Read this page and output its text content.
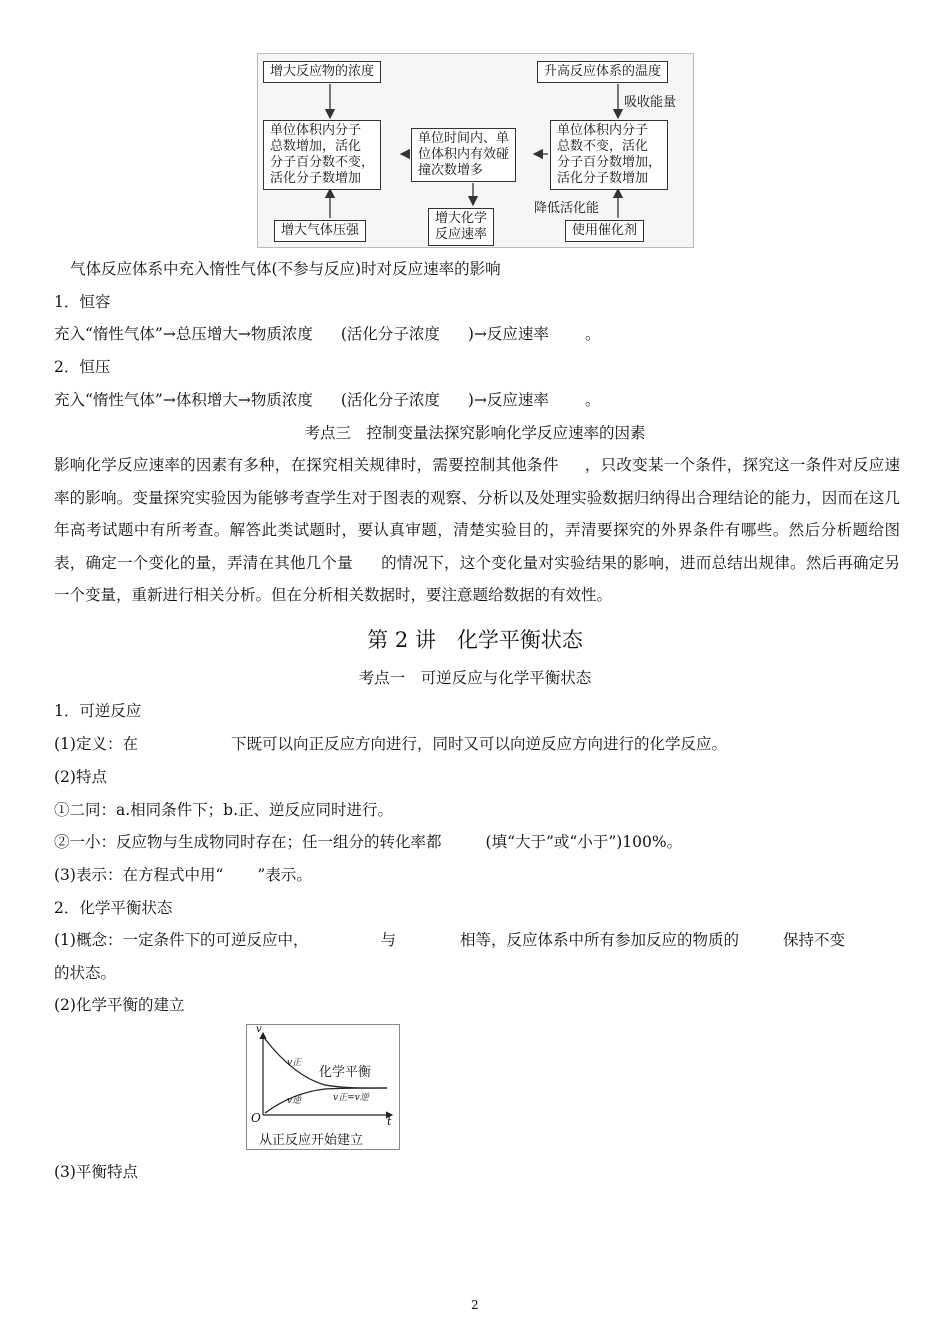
增大反应物的浓度	升高反应体系的温度
单位体积内分子
总数增加，活化
分子百分数不变，
活化分子数增加
单位时间内、单
位体积内有效碰
撞次数增多
单位体积内分子
总数不变，活化
分子百分数增加，
活化分子数增加
增大气体压强
增大化学
反应速率	使用催化剂
吸收能量
降低活化能
气体反应体系中充入惰性气体(不参与反应)时对反应速率的影响
1．恒容
充入“惰性气体”→总压增大→物质浓度 (活化分子浓度 )→反应速率 。
2．恒压
充入“惰性气体”→体积增大→物质浓度 (活化分子浓度 )→反应速率 。
考点三　控制变量法探究影响化学反应速率的因素
影响化学反应速率的因素有多种，在探究相关规律时，需要控制其他条件 ，只改变某一个条件，探究这一条件对反应速率的影响。变量探究实验因为能够考查学生对于图表的观察、分析以及处理实验数据归纳得出合理结论的能力，因而在这几年高考试题中有所考查。解答此类试题时，要认真审题，清楚实验目的，弄清要探究的外界条件有哪些。然后分析题给图表，确定一个变化的量，弄清在其他几个量 的情况下，这个变化量对实验结果的影响，进而总结出规律。然后再确定另一个变量，重新进行相关分析。但在分析相关数据时，要注意题给数据的有效性。
第 2 讲　化学平衡状态
考点一　可逆反应与化学平衡状态
1．可逆反应
(1)定义：在	下既可以向正反应方向进行，同时又可以向逆反应方向进行的化学反应。
(2)特点
①二同：a.相同条件下；b.正、逆反应同时进行。
②一小：反应物与生成物同时存在；任一组分的转化率都	(填“大于”或“小于”)100%。
(3)表示：在方程式中用“ ”表示。
2．化学平衡状态
(1)概念：一定条件下的可逆反应中，	与	相等，反应体系中所有参加反应的物质的	保持不变
的状态。
(2)化学平衡的建立
v
t
O
v正
v逆
化学平衡
v正=v逆
从正反应开始建立
(3)平衡特点
2
